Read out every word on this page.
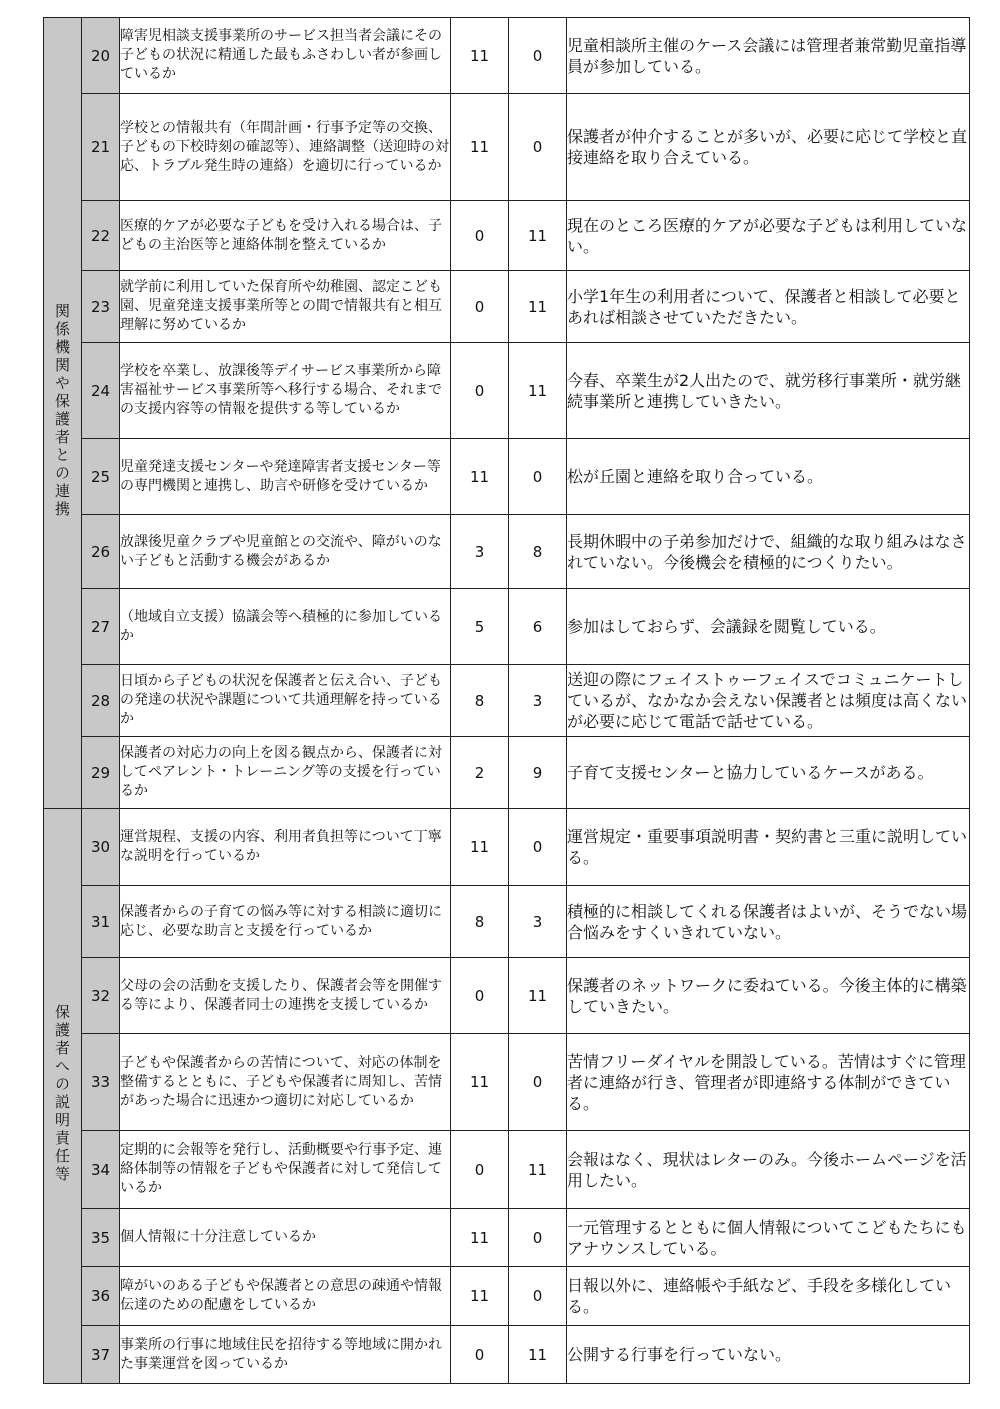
関係機関や保護者との連携	20	障害児相談支援事業所のサービス担当者会議にその子どもの状況に精通した最もふさわしい者が参画しているか	11	0	児童相談所主催のケース会議には管理者兼常勤児童指導員が参加している。
	21	学校との情報共有（年間計画・行事予定等の交換、子どもの下校時刻の確認等）、連絡調整（送迎時の対応、トラブル発生時の連絡）を適切に行っているか	11	0	保護者が仲介することが多いが、必要に応じて学校と直接連絡を取り合えている。
	22	医療的ケアが必要な子どもを受け入れる場合は、子どもの主治医等と連絡体制を整えているか	0	11	現在のところ医療的ケアが必要な子どもは利用していない。
	23	就学前に利用していた保育所や幼稚園、認定こども園、児童発達支援事業所等との間で情報共有と相互理解に努めているか	0	11	小学1年生の利用者について、保護者と相談して必要とあれば相談させていただきたい。
	24	学校を卒業し、放課後等デイサービス事業所から障害福祉サービス事業所等へ移行する場合、それまでの支援内容等の情報を提供する等しているか	0	11	今春、卒業生が2人出たので、就労移行事業所・就労継続事業所と連携していきたい。
	25	児童発達支援センターや発達障害者支援センター等の専門機関と連携し、助言や研修を受けているか	11	0	松が丘園と連絡を取り合っている。
	26	放課後児童クラブや児童館との交流や、障がいのない子どもと活動する機会があるか	3	8	長期休暇中の子弟参加だけで、組織的な取り組みはなされていない。今後機会を積極的につくりたい。
	27	（地域自立支援）協議会等へ積極的に参加しているか	5	6	参加はしておらず、会議録を閲覧している。
	28	日頃から子どもの状況を保護者と伝え合い、子どもの発達の状況や課題について共通理解を持っているか	8	3	送迎の際にフェイストゥーフェイスでコミュニケートしているが、なかなか会えない保護者とは頻度は高くないが必要に応じて電話で話せている。
	29	保護者の対応力の向上を図る観点から、保護者に対してペアレント・トレーニング等の支援を行っているか	2	9	子育て支援センターと協力しているケースがある。
保護者への説明責任等	30	運営規程、支援の内容、利用者負担等について丁寧な説明を行っているか	11	0	運営規定・重要事項説明書・契約書と三重に説明している。
	31	保護者からの子育ての悩み等に対する相談に適切に応じ、必要な助言と支援を行っているか	8	3	積極的に相談してくれる保護者はよいが、そうでない場合悩みをすくいきれていない。
	32	父母の会の活動を支援したり、保護者会等を開催する等により、保護者同士の連携を支援しているか	0	11	保護者のネットワークに委ねている。今後主体的に構築していきたい。
	33	子どもや保護者からの苦情について、対応の体制を整備するとともに、子どもや保護者に周知し、苦情があった場合に迅速かつ適切に対応しているか	11	0	苦情フリーダイヤルを開設している。苦情はすぐに管理者に連絡が行き、管理者が即連絡する体制ができている。
	34	定期的に会報等を発行し、活動概要や行事予定、連絡体制等の情報を子どもや保護者に対して発信しているか	0	11	会報はなく、現状はレターのみ。今後ホームページを活用したい。
	35	個人情報に十分注意しているか	11	0	一元管理するとともに個人情報についてこどもたちにもアナウンスしている。
	36	障がいのある子どもや保護者との意思の疎通や情報伝達のための配慮をしているか	11	0	日報以外に、連絡帳や手紙など、手段を多様化している。
	37	事業所の行事に地域住民を招待する等地域に開かれた事業運営を図っているか	0	11	公開する行事を行っていない。
